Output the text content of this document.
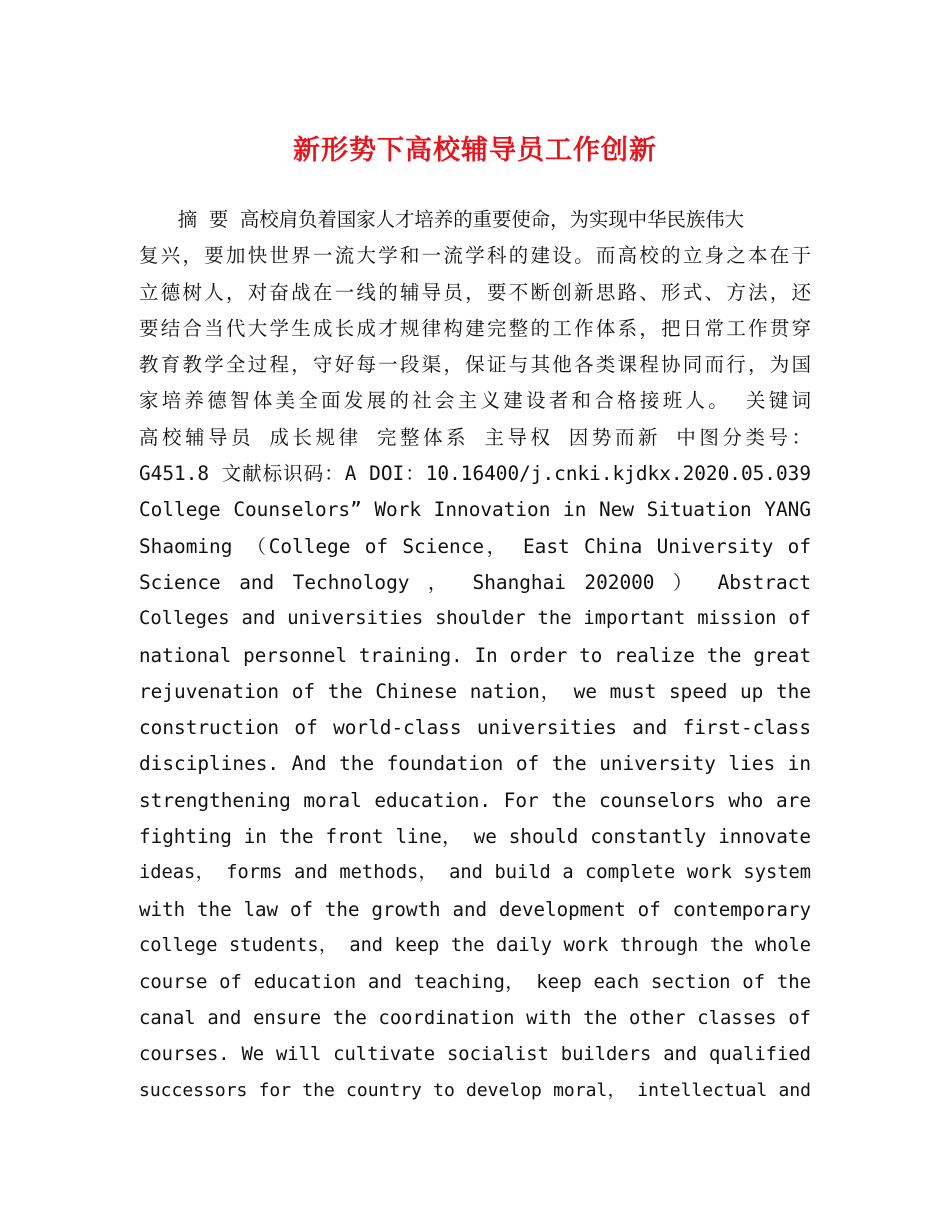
新形势下高校辅导员工作创新
　　摘 要 高校肩负着国家人才培养的重要使命，为实现中华民族伟大
复兴，要加快世界一流大学和一流学科的建设。而高校的立身之本在于
立德树人，对奋战在一线的辅导员，要不断创新思路、形式、方法，还
要结合当代大学生成长成才规律构建完整的工作体系，把日常工作贯穿
教育教学全过程，守好每一段渠，保证与其他各类课程协同而行，为国
家培养德智体美全面发展的社会主义建设者和合格接班人。 关键词
高校辅导员 成长规律 完整体系 主导权 因势而新 中图分类号：
G451.8 文献标识码：A DOI：10.16400/j.cnki.kjdkx.2020.05.039
College Counselors” Work Innovation in New Situation YANG
Shaoming （College of Science， East China University of
Science and Technology ， Shanghai 202000 ） Abstract
Colleges and universities shoulder the important mission of
national personnel training. In order to realize the great
rejuvenation of the Chinese nation， we must speed up the
construction of world-class universities and first-class
disciplines. And the foundation of the university lies in
strengthening moral education. For the counselors who are
fighting in the front line， we should constantly innovate
ideas， forms and methods， and build a complete work system
with the law of the growth and development of contemporary
college students， and keep the daily work through the whole
course of education and teaching， keep each section of the
canal and ensure the coordination with the other classes of
courses. We will cultivate socialist builders and qualified
successors for the country to develop moral， intellectual and
